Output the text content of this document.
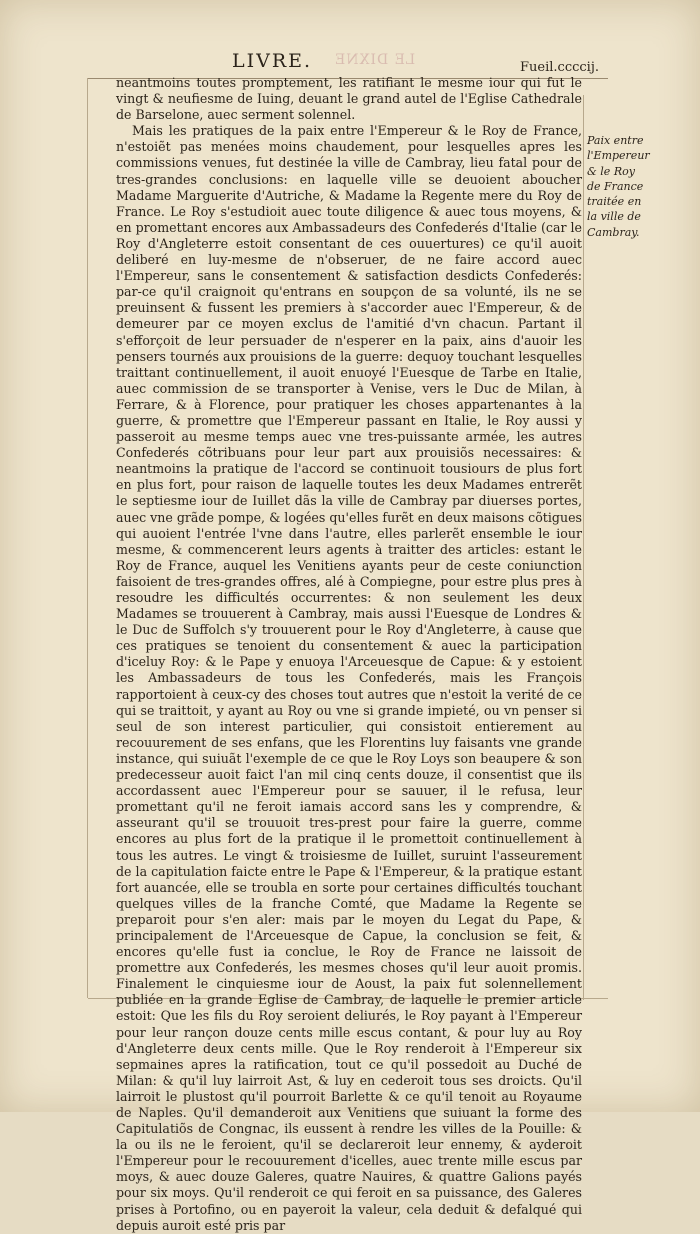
LIVRE. LE DIXNE	Fueil.ccccij.

neantmoins toutes promptement, les ratifiant le mesme iour qui fut le vingt & neufiesme de Iuing, deuant le grand autel de l'Eglise Cathedrale de Barselone, auec serment solennel.

Mais les pratiques de la paix entre l'Empereur & le Roy de France, n'estoiẽt pas menées moins chaudement, pour lesquelles apres les commissions venues, fut destinée la ville de Cambray, lieu fatal pour de tres-grandes conclusions: en laquelle ville se deuoient aboucher Madame Marguerite d'Autriche, & Madame la Regente mere du Roy de France. Le Roy s'estudioit auec toute diligence & auec tous moyens, & en promettant encores aux Ambassadeurs des Confederés d'Italie (car le Roy d'Angleterre estoit consentant de ces ouuertures) ce qu'il auoit deliberé en luy-mesme de n'obseruer, de ne faire accord auec l'Empereur, sans le consentement & satisfaction desdicts Confederés: par-ce qu'il craignoit qu'entrans en soupçon de sa volunté, ils ne se preuinsent & fussent les premiers à s'accorder auec l'Empereur, & de demeurer par ce moyen exclus de l'amitié d'vn chacun. Partant il s'efforçoit de leur persuader de n'esperer en la paix, ains d'auoir les pensers tournés aux prouisions de la guerre: dequoy touchant lesquelles traittant continuellement, il auoit enuoyé l'Euesque de Tarbe en Italie, auec commission de se transporter à Venise, vers le Duc de Milan, à Ferrare, & à Florence, pour pratiquer les choses appartenantes à la guerre, & promettre que l'Empereur passant en Italie, le Roy aussi y passeroit au mesme temps auec vne tres-puissante armée, les autres Confederés cõtribuans pour leur part aux prouisiõs necessaires: & neantmoins la pratique de l'accord se continuoit tousiours de plus fort en plus fort, pour raison de laquelle toutes les deux Madames entrerẽt le septiesme iour de Iuillet dãs la ville de Cambray par diuerses portes, auec vne grãde pompe, & logées qu'elles furẽt en deux maisons cõtigues qui auoient l'entrée l'vne dans l'autre, elles parlerẽt ensemble le iour mesme, & commencerent leurs agents à traitter des articles: estant le Roy de France, auquel les Venitiens ayants peur de ceste coniunction faisoient de tres-grandes offres, alé à Compiegne, pour estre plus pres à resoudre les difficultés occurrentes: & non seulement les deux Madames se trouuerent à Cambray, mais aussi l'Euesque de Londres & le Duc de Suffolch s'y trouuerent pour le Roy d'Angleterre, à cause que ces pratiques se tenoient du consentement & auec la participation d'iceluy Roy: & le Pape y enuoya l'Arceuesque de Capue: & y estoient les Ambassadeurs de tous les Confederés, mais les François rapportoient à ceux-cy des choses tout autres que n'estoit la verité de ce qui se traittoit, y ayant au Roy ou vne si grande impieté, ou vn penser si seul de son interest particulier, qui consistoit entierement au recouurement de ses enfans, que les Florentins luy faisants vne grande instance, qui suiuãt l'exemple de ce que le Roy Loys son beaupere & son predecesseur auoit faict l'an mil cinq cents douze, il consentist que ils accordassent auec l'Empereur pour se sauuer, il le refusa, leur promettant qu'il ne feroit iamais accord sans les y comprendre, & asseurant qu'il se trouuoit tres-prest pour faire la guerre, comme encores au plus fort de la pratique il le promettoit continuellement à tous les autres. Le vingt & troisiesme de Iuillet, suruint l'asseurement de la capitulation faicte entre le Pape & l'Empereur, & la pratique estant fort auancée, elle se troubla en sorte pour certaines difficultés touchant quelques villes de la franche Comté, que Madame la Regente se preparoit pour s'en aler: mais par le moyen du Legat du Pape, & principalement de l'Arceuesque de Capue, la conclusion se feit, & encores qu'elle fust ia conclue, le Roy de France ne laissoit de promettre aux Confederés, les mesmes choses qu'il leur auoit promis. Finalement le cinquiesme iour de Aoust, la paix fut solennellement publiée en la grande Eglise de Cambray, de laquelle le premier article estoit: Que les fils du Roy seroient deliurés, le Roy payant à l'Empereur pour leur rançon douze cents mille escus contant, & pour luy au Roy d'Angleterre deux cents mille. Que le Roy renderoit à l'Empereur six sepmaines apres la ratification, tout ce qu'il possedoit au Duché de Milan: & qu'il luy lairroit Ast, & luy en cederoit tous ses droicts. Qu'il lairroit le plustost qu'il pourroit Barlette & ce qu'il tenoit au Royaume de Naples. Qu'il demanderoit aux Venitiens que suiuant la forme des Capitulatiõs de Congnac, ils eussent à rendre les villes de la Pouille: & la ou ils ne le feroient, qu'il se declareroit leur ennemy, & ayderoit l'Empereur pour le recouurement d'icelles, auec trente mille escus par moys, & auec douze Galeres, quatre Nauires, & quattre Galions payés pour six moys. Qu'il renderoit ce qui feroit en sa puissance, des Galeres prises à Portofino, ou en payeroit la valeur, cela deduit & defalqué qui depuis auroit esté pris par

Paix entre l'Empereur & le Roy de France traitée en la ville de Cambray.
